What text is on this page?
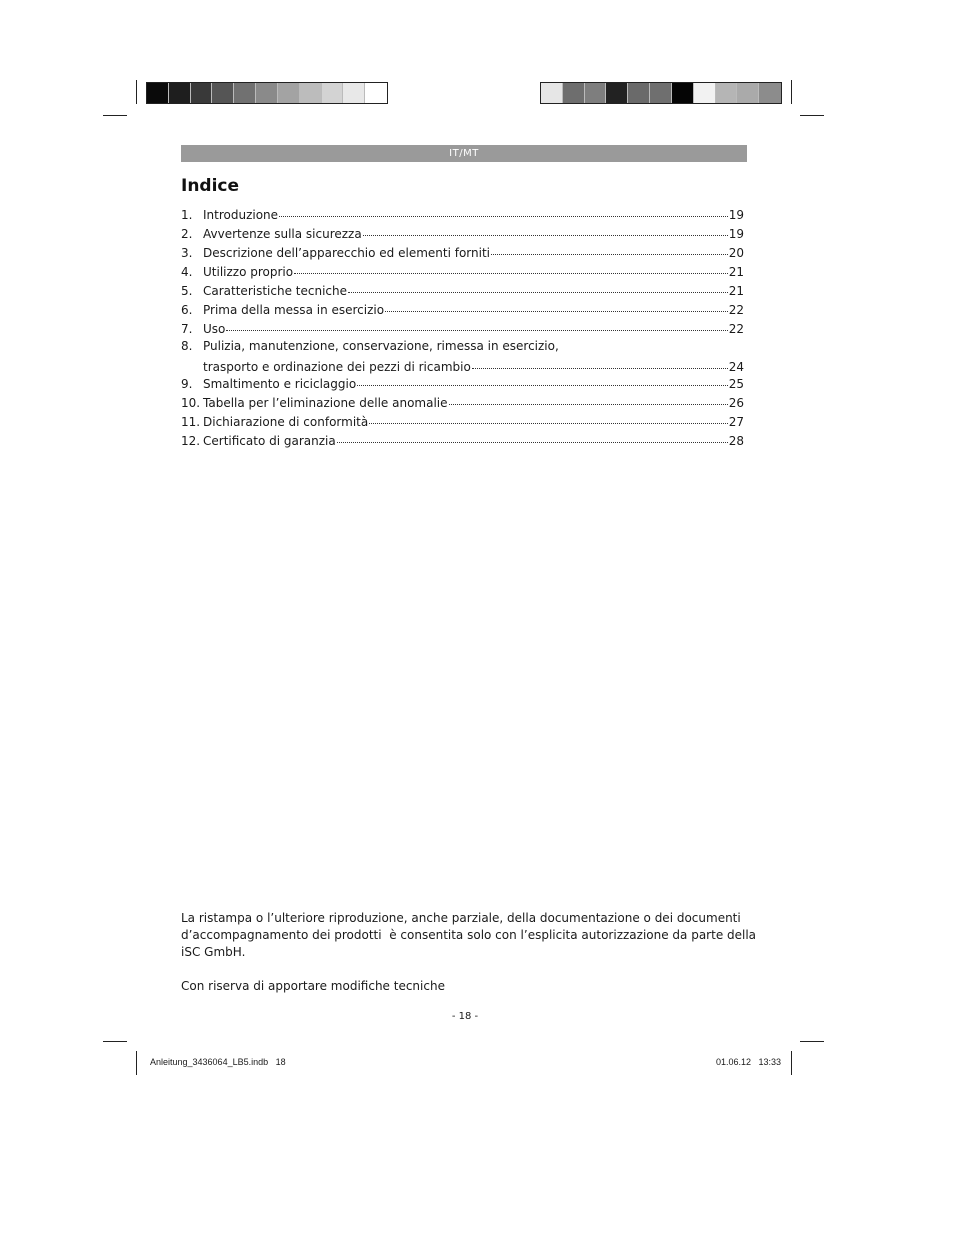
IT/MT
Indice
1. Introduzione	19
2. Avvertenze sulla sicurezza	19
3. Descrizione dell’apparecchio ed elementi forniti	20
4. Utilizzo proprio	21
5. Caratteristiche tecniche	21
6. Prima della messa in esercizio	22
7. Uso	22
8. Pulizia, manutenzione, conservazione, rimessa in esercizio,
trasporto e ordinazione dei pezzi di ricambio	24
9. Smaltimento e riciclaggio	25
10. Tabella per l’eliminazione delle anomalie	26
11. Dichiarazione di conformità	27
12. Certificato di garanzia	28
La ristampa o l’ulteriore riproduzione, anche parziale, della documentazione o dei documenti
d’accompagnamento dei prodotti  è consentita solo con l’esplicita autorizzazione da parte della
iSC GmbH.
Con riserva di apportare modifiche tecniche
- 18 -
Anleitung_3436064_LB5.indb   18	01.06.12   13:33
